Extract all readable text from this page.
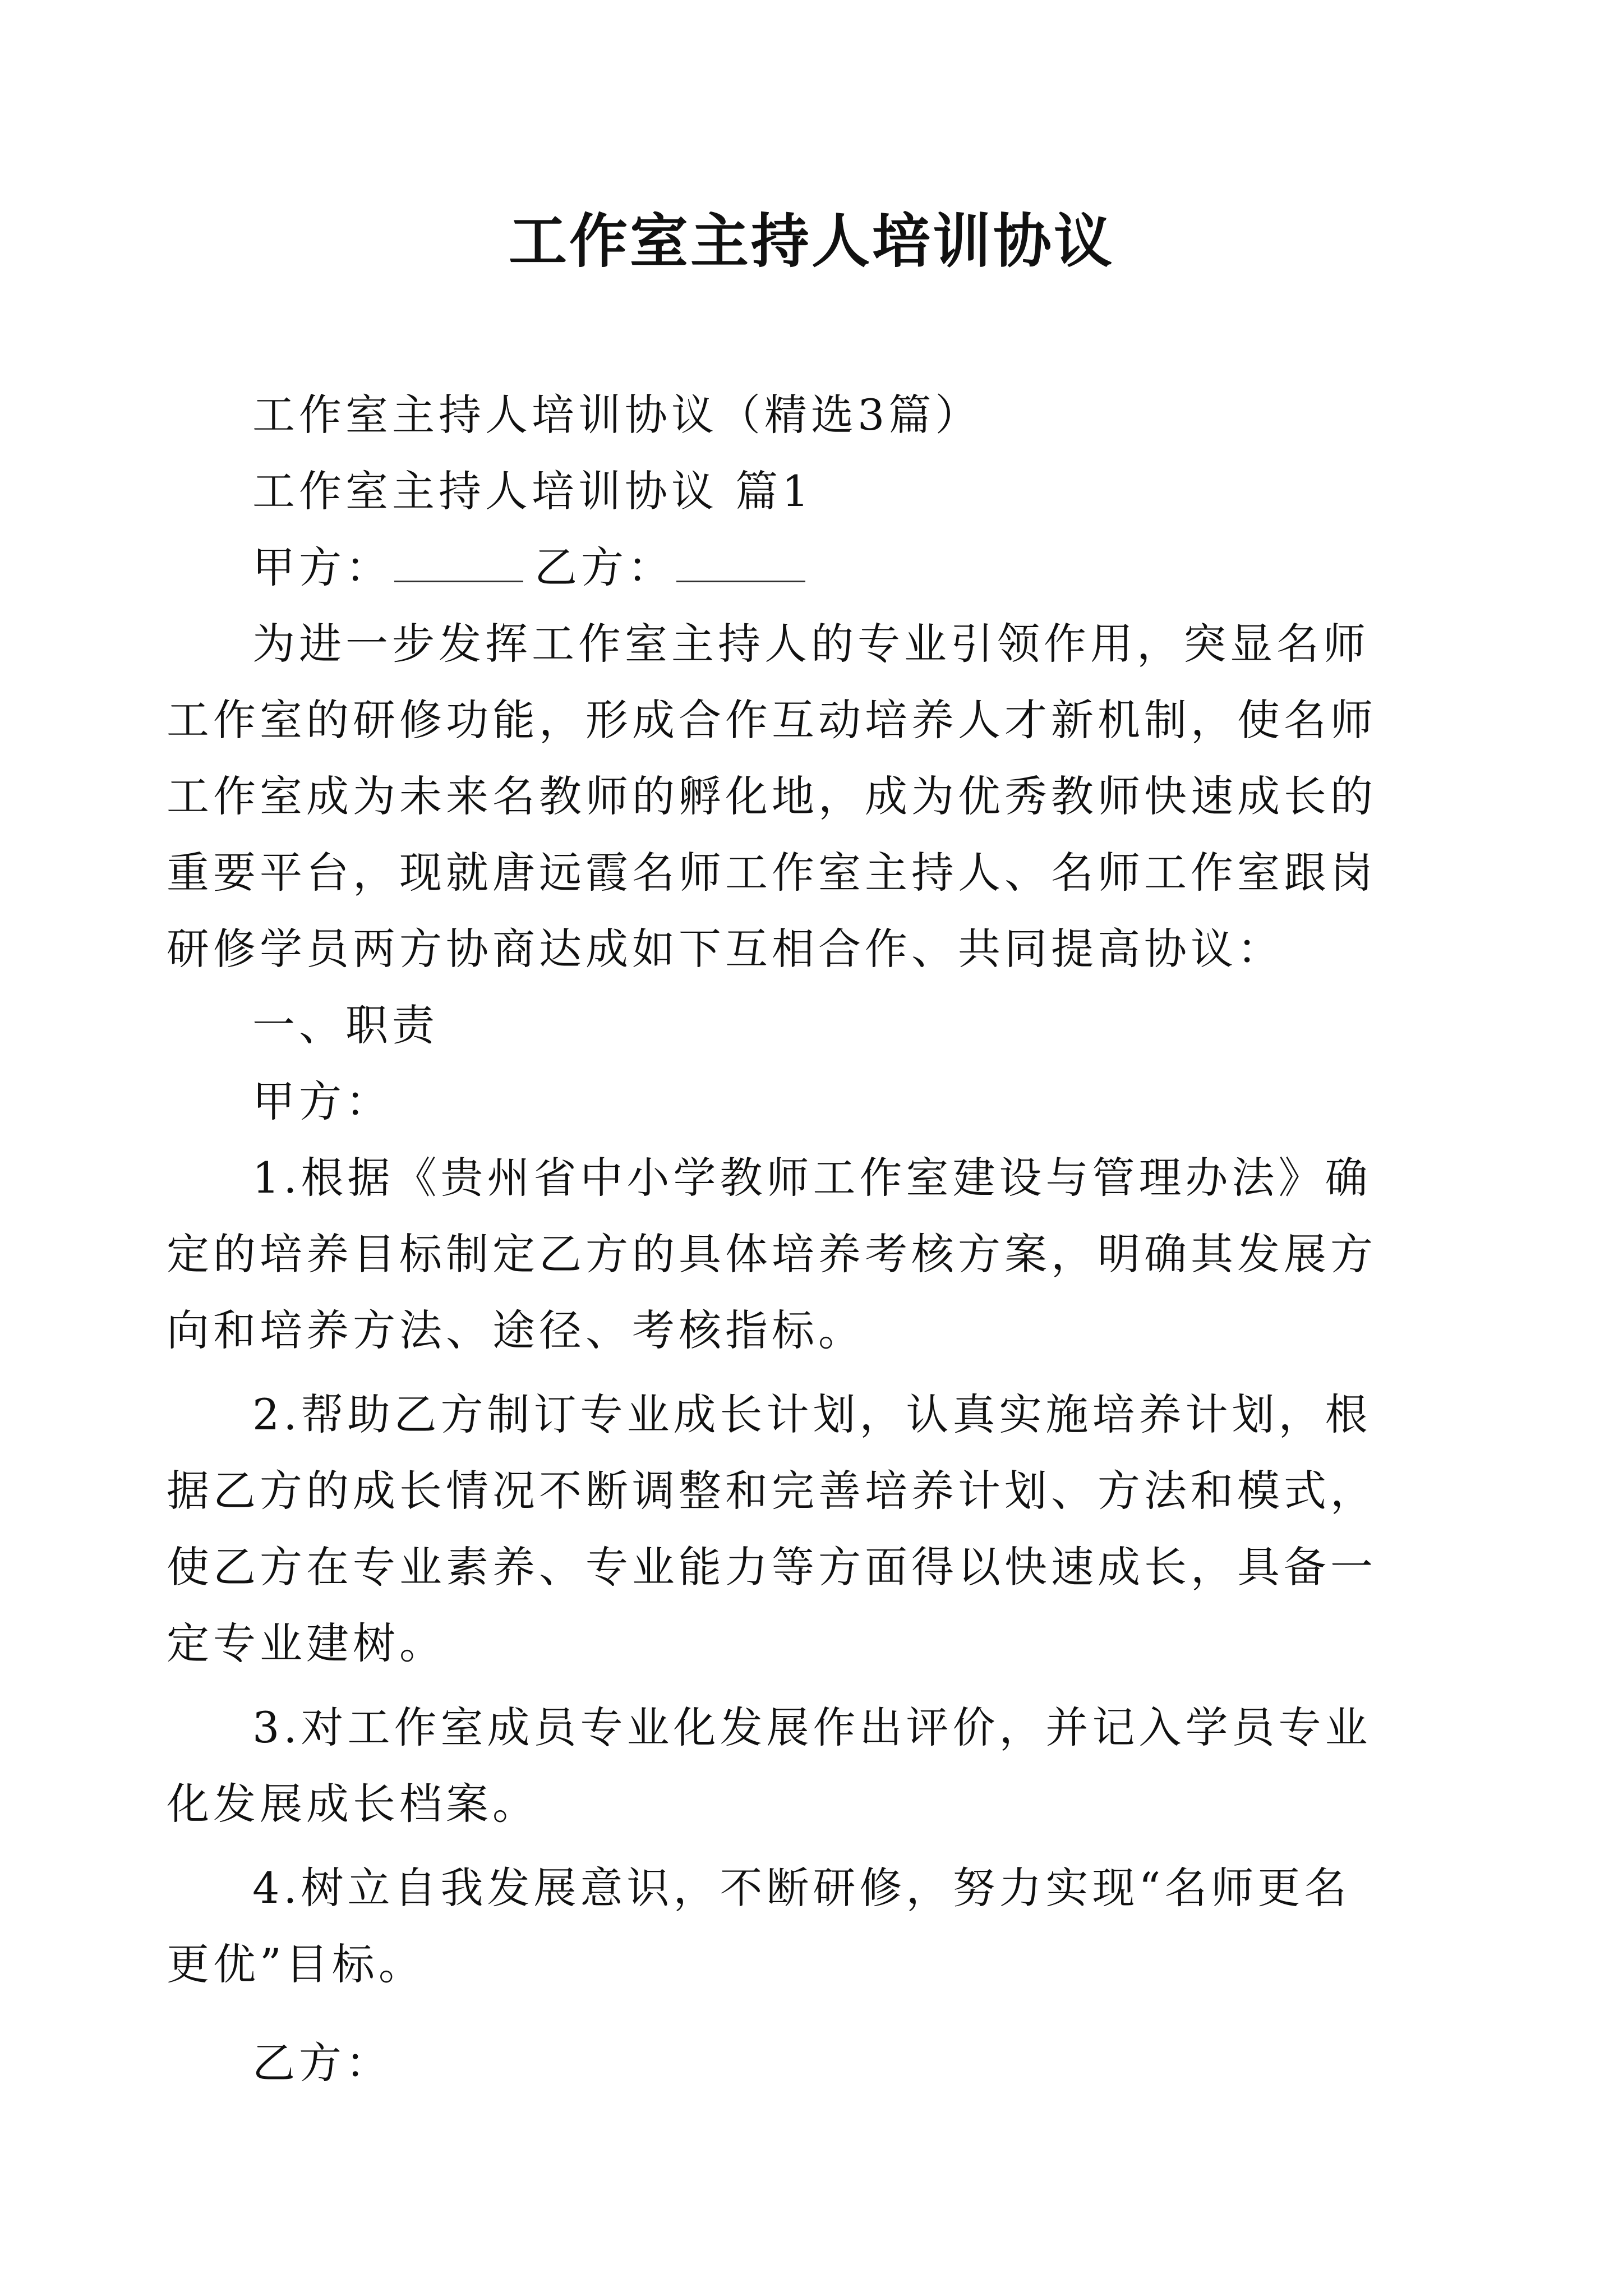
工作室主持人培训协议
工作室主持人培训协议（精选3篇）
工作室主持人培训协议 篇1
甲方：	乙方：
为进一步发挥工作室主持人的专业引领作用，突显名师
工作室的研修功能，形成合作互动培养人才新机制，使名师
工作室成为未来名教师的孵化地，成为优秀教师快速成长的
重要平台，现就唐远霞名师工作室主持人、名师工作室跟岗
研修学员两方协商达成如下互相合作、共同提高协议：
一、职责
甲方：
1.根据《贵州省中小学教师工作室建设与管理办法》确
定的培养目标制定乙方的具体培养考核方案，明确其发展方
向和培养方法、途径、考核指标。
2.帮助乙方制订专业成长计划，认真实施培养计划，根
据乙方的成长情况不断调整和完善培养计划、方法和模式，
使乙方在专业素养、专业能力等方面得以快速成长，具备一
定专业建树。
3.对工作室成员专业化发展作出评价，并记入学员专业
化发展成长档案。
4.树立自我发展意识，不断研修，努力实现“名师更名
更优”目标。
乙方：
